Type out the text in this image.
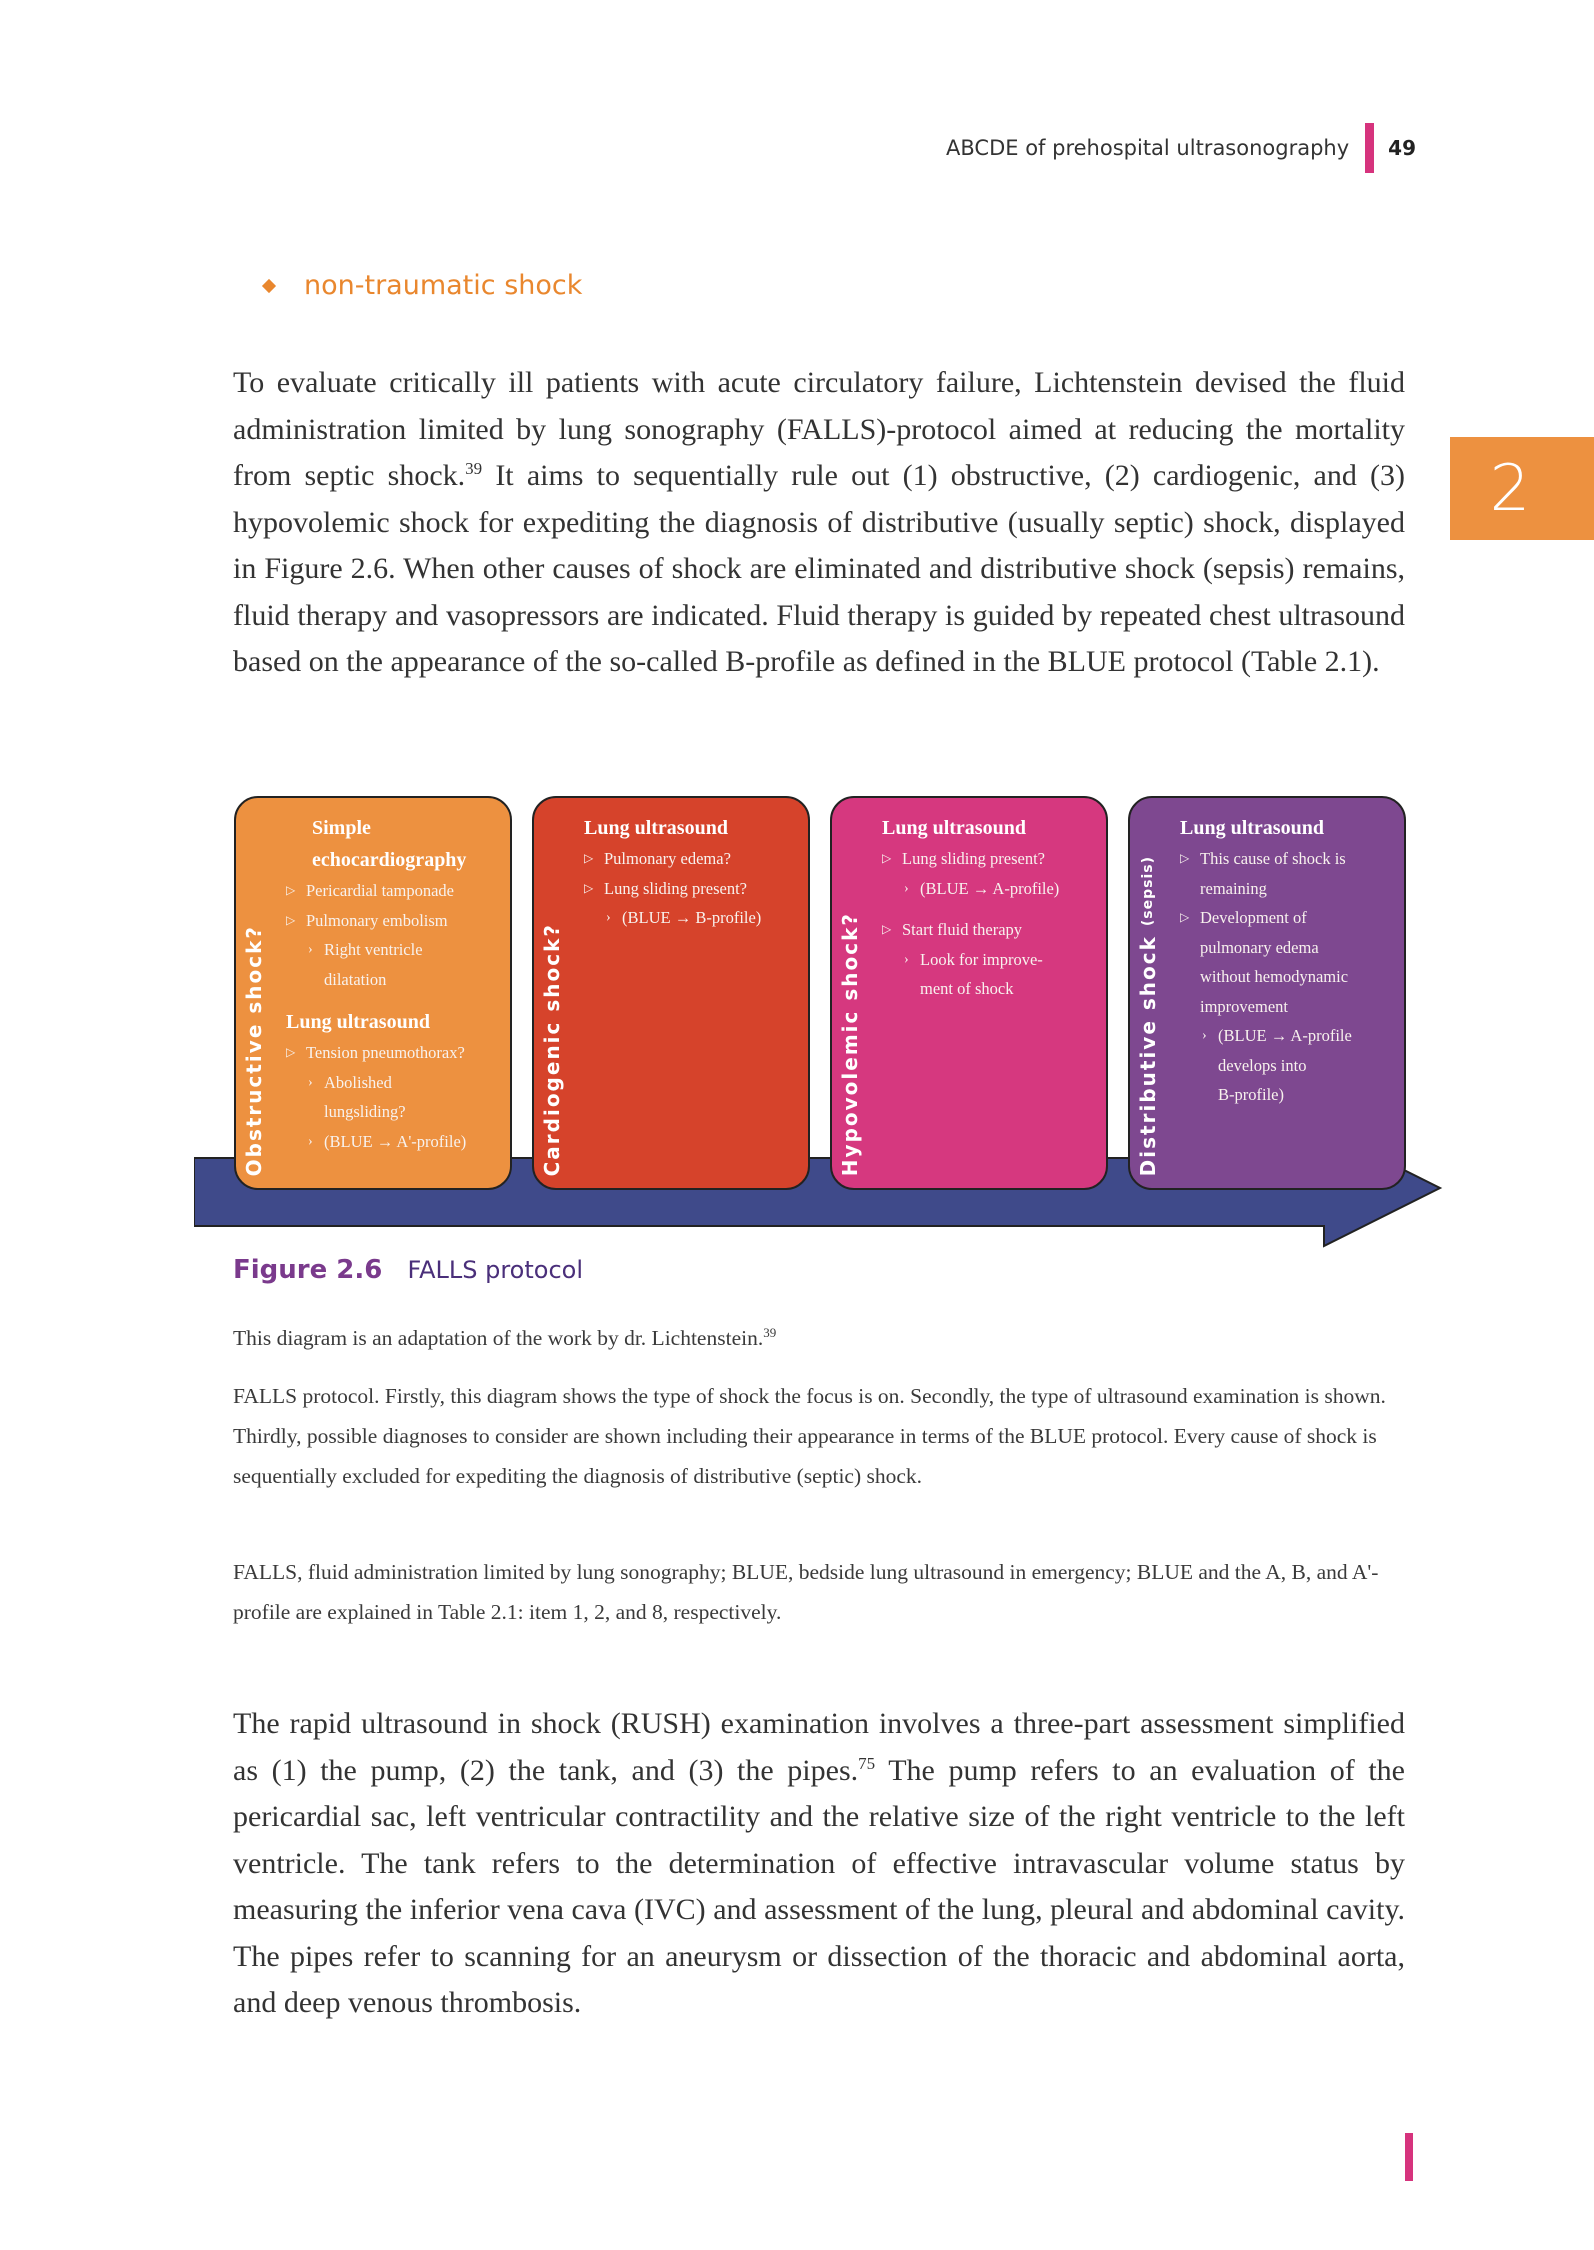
ABCDE of prehospital ultrasonography 49
2
non-traumatic shock
To evaluate critically ill patients with acute circulatory failure, Lichtenstein devised the fluid administration limited by lung sonography (FALLS)-protocol aimed at reducing the mortality from septic shock.$^{39}$ It aims to sequentially rule out (1) obstructive, (2) cardiogenic, and (3) hypovolemic shock for expediting the diagnosis of distributive (usually septic) shock, displayed in Figure 2.6. When other causes of shock are eliminated and distributive shock (sepsis) remains, fluid therapy and vasopressors are indicated. Fluid therapy is guided by repeated chest ultrasound based on the appearance of the so-called B-profile as defined in the BLUE protocol (Table 2.1).
Obstructive shock?
Simple echocardiography
▷ Pericardial tamponade
▷ Pulmonary embolism
› Right ventricle
dilatation
Lung ultrasound
▷ Tension pneumothorax?
› Abolished
lungsliding?
› (BLUE → A'-profile)	Cardiogenic shock?
Lung ultrasound
▷ Pulmonary edema?
▷ Lung sliding present?
› (BLUE → B-profile)	Hypovolemic shock?
Lung ultrasound
▷ Lung sliding present?
› (BLUE → A-profile)
▷ Start fluid therapy
› Look for improve-
ment of shock	Distributive shock (sepsis)
Lung ultrasound
▷ This cause of shock is
remaining
▷ Development of
pulmonary edema
without hemodynamic
improvement
› (BLUE → A-profile
develops into
B-profile)
Figure 2.6 FALLS protocol
This diagram is an adaptation of the work by dr. Lichtenstein.$^{39}$
FALLS protocol. Firstly, this diagram shows the type of shock the focus is on. Secondly, the type of ultrasound examination is shown. Thirdly, possible diagnoses to consider are shown including their appearance in terms of the BLUE protocol. Every cause of shock is sequentially excluded for expediting the diagnosis of distributive (septic) shock.
FALLS, fluid administration limited by lung sonography; BLUE, bedside lung ultrasound in emergency; BLUE and the A, B, and A'-profile are explained in Table 2.1: item 1, 2, and 8, respectively.
The rapid ultrasound in shock (RUSH) examination involves a three-part assessment simplified as (1) the pump, (2) the tank, and (3) the pipes.$^{75}$ The pump refers to an evaluation of the pericardial sac, left ventricular contractility and the relative size of the right ventricle to the left ventricle. The tank refers to the determination of effective intravascular volume status by measuring the inferior vena cava (IVC) and assessment of the lung, pleural and abdominal cavity. The pipes refer to scanning for an aneurysm or dissection of the thoracic and abdominal aorta, and deep venous thrombosis.
